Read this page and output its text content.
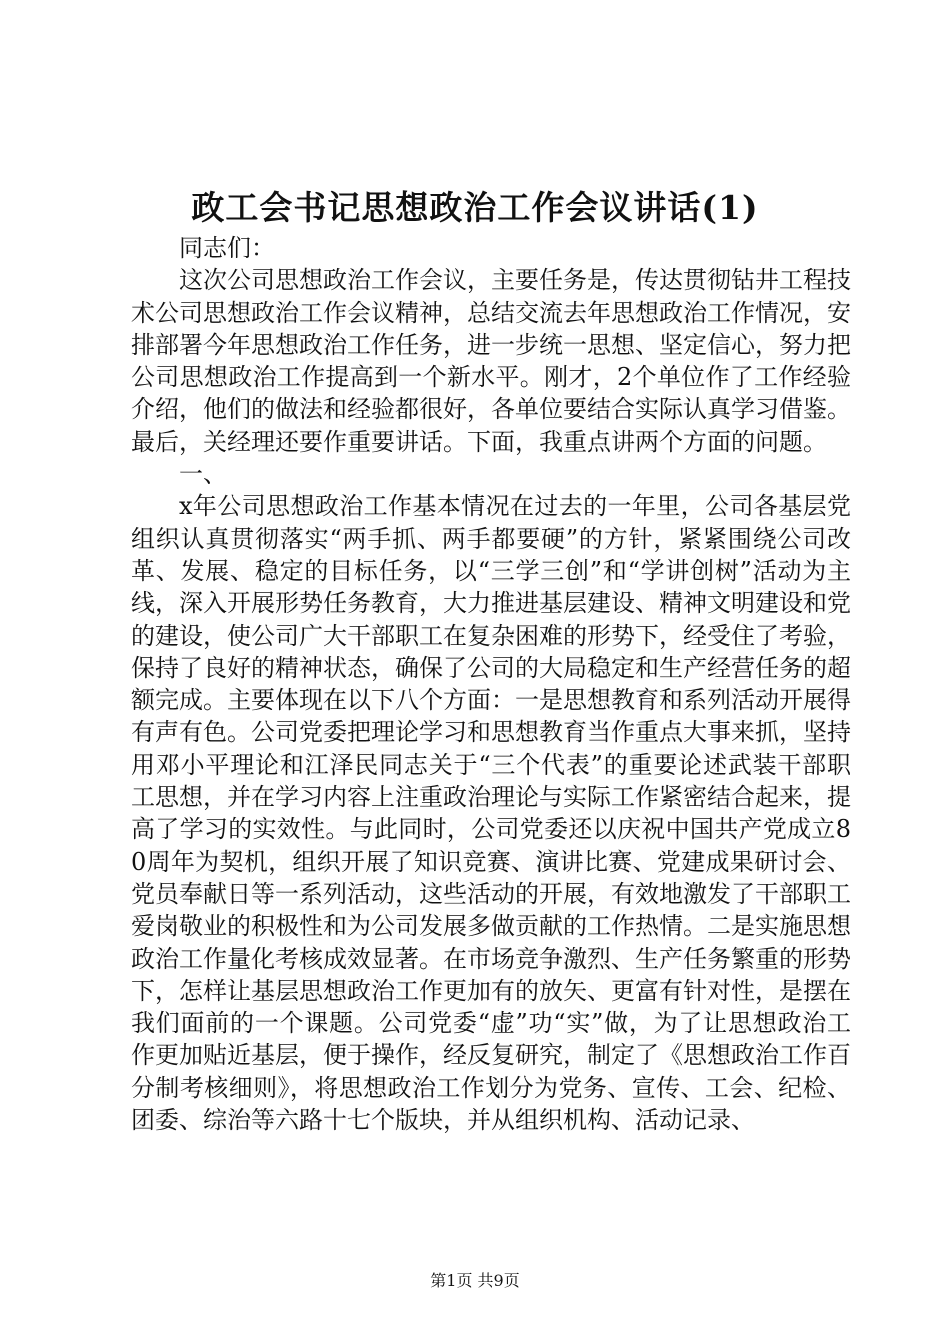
政工会书记思想政治工作会议讲话(1)

同志们：

这次公司思想政治工作会议，主要任务是，传达贯彻钻井工程技术公司思想政治工作会议精神，总结交流去年思想政治工作情况，安排部署今年思想政治工作任务，进一步统一思想、坚定信心，努力把公司思想政治工作提高到一个新水平。刚才，2个单位作了工作经验介绍，他们的做法和经验都很好，各单位要结合实际认真学习借鉴。最后，关经理还要作重要讲话。下面，我重点讲两个方面的问题。

一、

x年公司思想政治工作基本情况在过去的一年里，公司各基层党组织认真贯彻落实“两手抓、两手都要硬”的方针，紧紧围绕公司改革、发展、稳定的目标任务，以“三学三创”和“学讲创树”活动为主线，深入开展形势任务教育，大力推进基层建设、精神文明建设和党的建设，使公司广大干部职工在复杂困难的形势下，经受住了考验，保持了良好的精神状态，确保了公司的大局稳定和生产经营任务的超额完成。主要体现在以下八个方面：一是思想教育和系列活动开展得有声有色。公司党委把理论学习和思想教育当作重点大事来抓，坚持用邓小平理论和江泽民同志关于“三个代表”的重要论述武装干部职工思想，并在学习内容上注重政治理论与实际工作紧密结合起来，提高了学习的实效性。与此同时，公司党委还以庆祝中国共产党成立80周年为契机，组织开展了知识竞赛、演讲比赛、党建成果研讨会、党员奉献日等一系列活动，这些活动的开展，有效地激发了干部职工爱岗敬业的积极性和为公司发展多做贡献的工作热情。二是实施思想政治工作量化考核成效显著。在市场竞争激烈、生产任务繁重的形势下，怎样让基层思想政治工作更加有的放矢、更富有针对性，是摆在我们面前的一个课题。公司党委“虚”功“实”做，为了让思想政治工作更加贴近基层，便于操作，经反复研究，制定了《思想政治工作百分制考核细则》，将思想政治工作划分为党务、宣传、工会、纪检、团委、综治等六路十七个版块，并从组织机构、活动记录、

第1页 共9页
